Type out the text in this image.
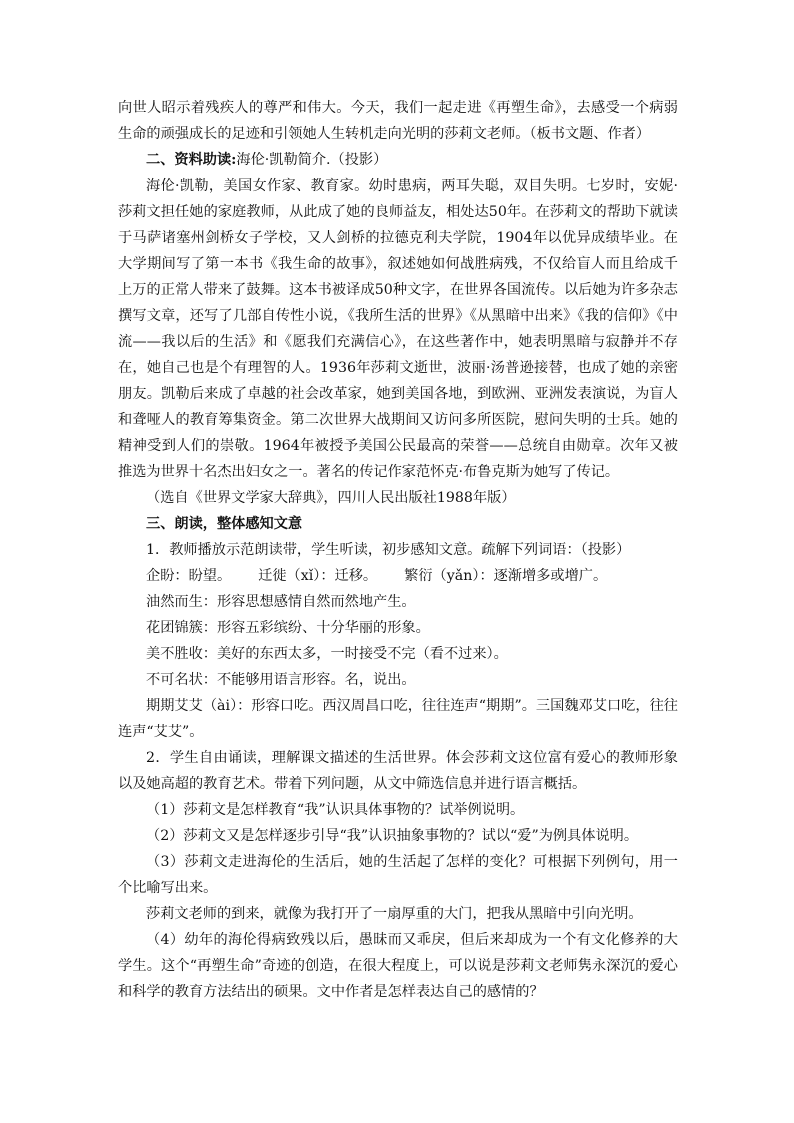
向世人昭示着残疾人的尊严和伟大。今天，我们一起走进《再塑生命》，去感受一个病弱生命的顽强成长的足迹和引领她人生转机走向光明的莎莉文老师。（板书文题、作者）

二、资料助读:海伦·凯勒简介.（投影）

海伦·凯勒，美国女作家、教育家。幼时患病，两耳失聪，双目失明。七岁时，安妮·莎莉文担任她的家庭教师，从此成了她的良师益友，相处达50年。在莎莉文的帮助下就读于马萨诸塞州剑桥女子学校，又人剑桥的拉德克利夫学院，1904年以优异成绩毕业。在大学期间写了第一本书《我生命的故事》，叙述她如何战胜病残，不仅给盲人而且给成千上万的正常人带来了鼓舞。这本书被译成50种文字，在世界各国流传。以后她为许多杂志撰写文章，还写了几部自传性小说，《我所生活的世界》《从黑暗中出来》《我的信仰》《中流——我以后的生活》和《愿我们充满信心》，在这些著作中，她表明黑暗与寂静并不存在，她自己也是个有理智的人。1936年莎莉文逝世，波丽·汤普逊接替，也成了她的亲密朋友。凯勒后来成了卓越的社会改革家，她到美国各地，到欧洲、亚洲发表演说，为盲人和聋哑人的教育筹集资金。第二次世界大战期间又访问多所医院，慰问失明的士兵。她的精神受到人们的崇敬。1964年被授予美国公民最高的荣誉——总统自由勋章。次年又被推选为世界十名杰出妇女之一。著名的传记作家范怀克·布鲁克斯为她写了传记。

（选自《世界文学家大辞典》，四川人民出版社1988年版）

三、朗读，整体感知文意

1．教师播放示范朗读带，学生听读，初步感知文意。疏解下列词语：（投影）

企盼：盼望。      迁徙（xǐ）：迁移。      繁衍（yǎn）：逐渐增多或增广。

油然而生：形容思想感情自然而然地产生。

花团锦簇：形容五彩缤纷、十分华丽的形象。

美不胜收：美好的东西太多，一时接受不完（看不过来）。

不可名状：不能够用语言形容。名，说出。

期期艾艾（ài）：形容口吃。西汉周昌口吃，往往连声“期期”。三国魏邓艾口吃，往往连声“艾艾”。

2．学生自由诵读，理解课文描述的生活世界。体会莎莉文这位富有爱心的教师形象以及她高超的教育艺术。带着下列问题，从文中筛选信息并进行语言概括。

（1）莎莉文是怎样教育“我”认识具体事物的？试举例说明。

（2）莎莉文又是怎样逐步引导“我”认识抽象事物的？试以“爱”为例具体说明。

（3）莎莉文走进海伦的生活后，她的生活起了怎样的变化？可根据下列例句，用一个比喻写出来。

莎莉文老师的到来，就像为我打开了一扇厚重的大门，把我从黑暗中引向光明。

（4）幼年的海伦得病致残以后，愚昧而又乖戾，但后来却成为一个有文化修养的大学生。这个“再塑生命”奇迹的创造，在很大程度上，可以说是莎莉文老师隽永深沉的爱心和科学的教育方法结出的硕果。文中作者是怎样表达自己的感情的？
